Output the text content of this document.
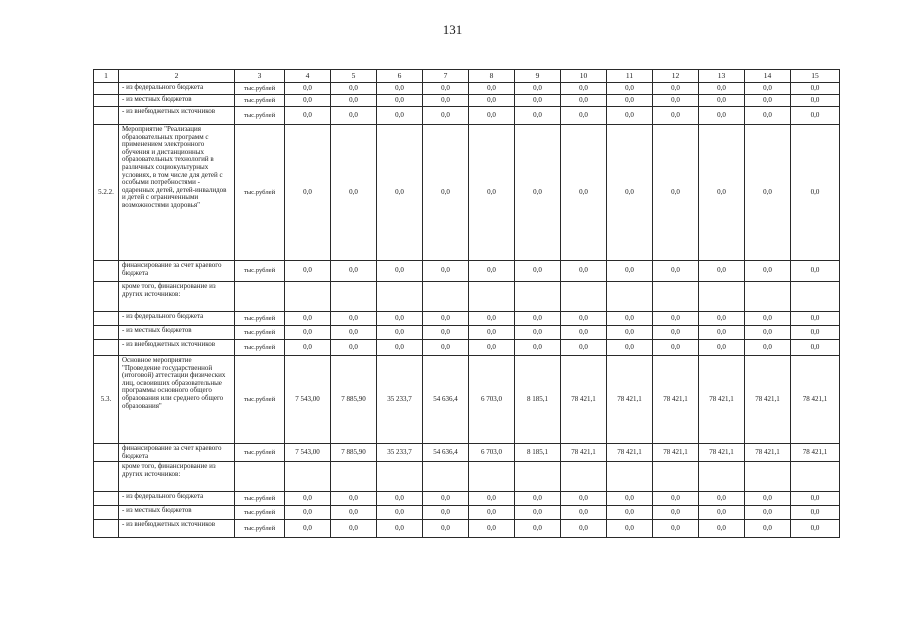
131
1	2	3	4	5	6	7	8	9	10	11	12	13	14	15
	- из федерального бюджета	тыс.рублей	0,0	0,0	0,0	0,0	0,0	0,0	0,0	0,0	0,0	0,0	0,0	0,0
	- из местных бюджетов	тыс.рублей	0,0	0,0	0,0	0,0	0,0	0,0	0,0	0,0	0,0	0,0	0,0	0,0
	- из внебюджетных источников	тыс.рублей	0,0	0,0	0,0	0,0	0,0	0,0	0,0	0,0	0,0	0,0	0,0	0,0
5.2.2.	Мероприятие "Реализация образовательных программ с применением электронного обучения и дистанционных образовательных технологий в различных социокультурных условиях, в том числе для детей с особыми потребностями - одаренных детей, детей-инвалидов и детей с ограниченными возможностями здоровья"	тыс.рублей	0,0	0,0	0,0	0,0	0,0	0,0	0,0	0,0	0,0	0,0	0,0	0,0
	финансирование за счет краевого бюджета	тыс.рублей	0,0	0,0	0,0	0,0	0,0	0,0	0,0	0,0	0,0	0,0	0,0	0,0
	кроме того, финансирование из других источников:													
	- из федерального бюджета	тыс.рублей	0,0	0,0	0,0	0,0	0,0	0,0	0,0	0,0	0,0	0,0	0,0	0,0
	- из местных бюджетов	тыс.рублей	0,0	0,0	0,0	0,0	0,0	0,0	0,0	0,0	0,0	0,0	0,0	0,0
	- из внебюджетных источников	тыс.рублей	0,0	0,0	0,0	0,0	0,0	0,0	0,0	0,0	0,0	0,0	0,0	0,0
5.3.	Основное мероприятие "Проведение государственной (итоговой) аттестации физических лиц, освоивших образовательные программы основного общего образования или среднего общего образования"	тыс.рублей	7 543,00	7 885,90	35 233,7	54 636,4	6 703,0	8 185,1	78 421,1	78 421,1	78 421,1	78 421,1	78 421,1	78 421,1
	финансирование за счет краевого бюджета	тыс.рублей	7 543,00	7 885,90	35 233,7	54 636,4	6 703,0	8 185,1	78 421,1	78 421,1	78 421,1	78 421,1	78 421,1	78 421,1
	кроме того, финансирование из других источников:													
	- из федерального бюджета	тыс.рублей	0,0	0,0	0,0	0,0	0,0	0,0	0,0	0,0	0,0	0,0	0,0	0,0
	- из местных бюджетов	тыс.рублей	0,0	0,0	0,0	0,0	0,0	0,0	0,0	0,0	0,0	0,0	0,0	0,0
	- из внебюджетных источников	тыс.рублей	0,0	0,0	0,0	0,0	0,0	0,0	0,0	0,0	0,0	0,0	0,0	0,0
